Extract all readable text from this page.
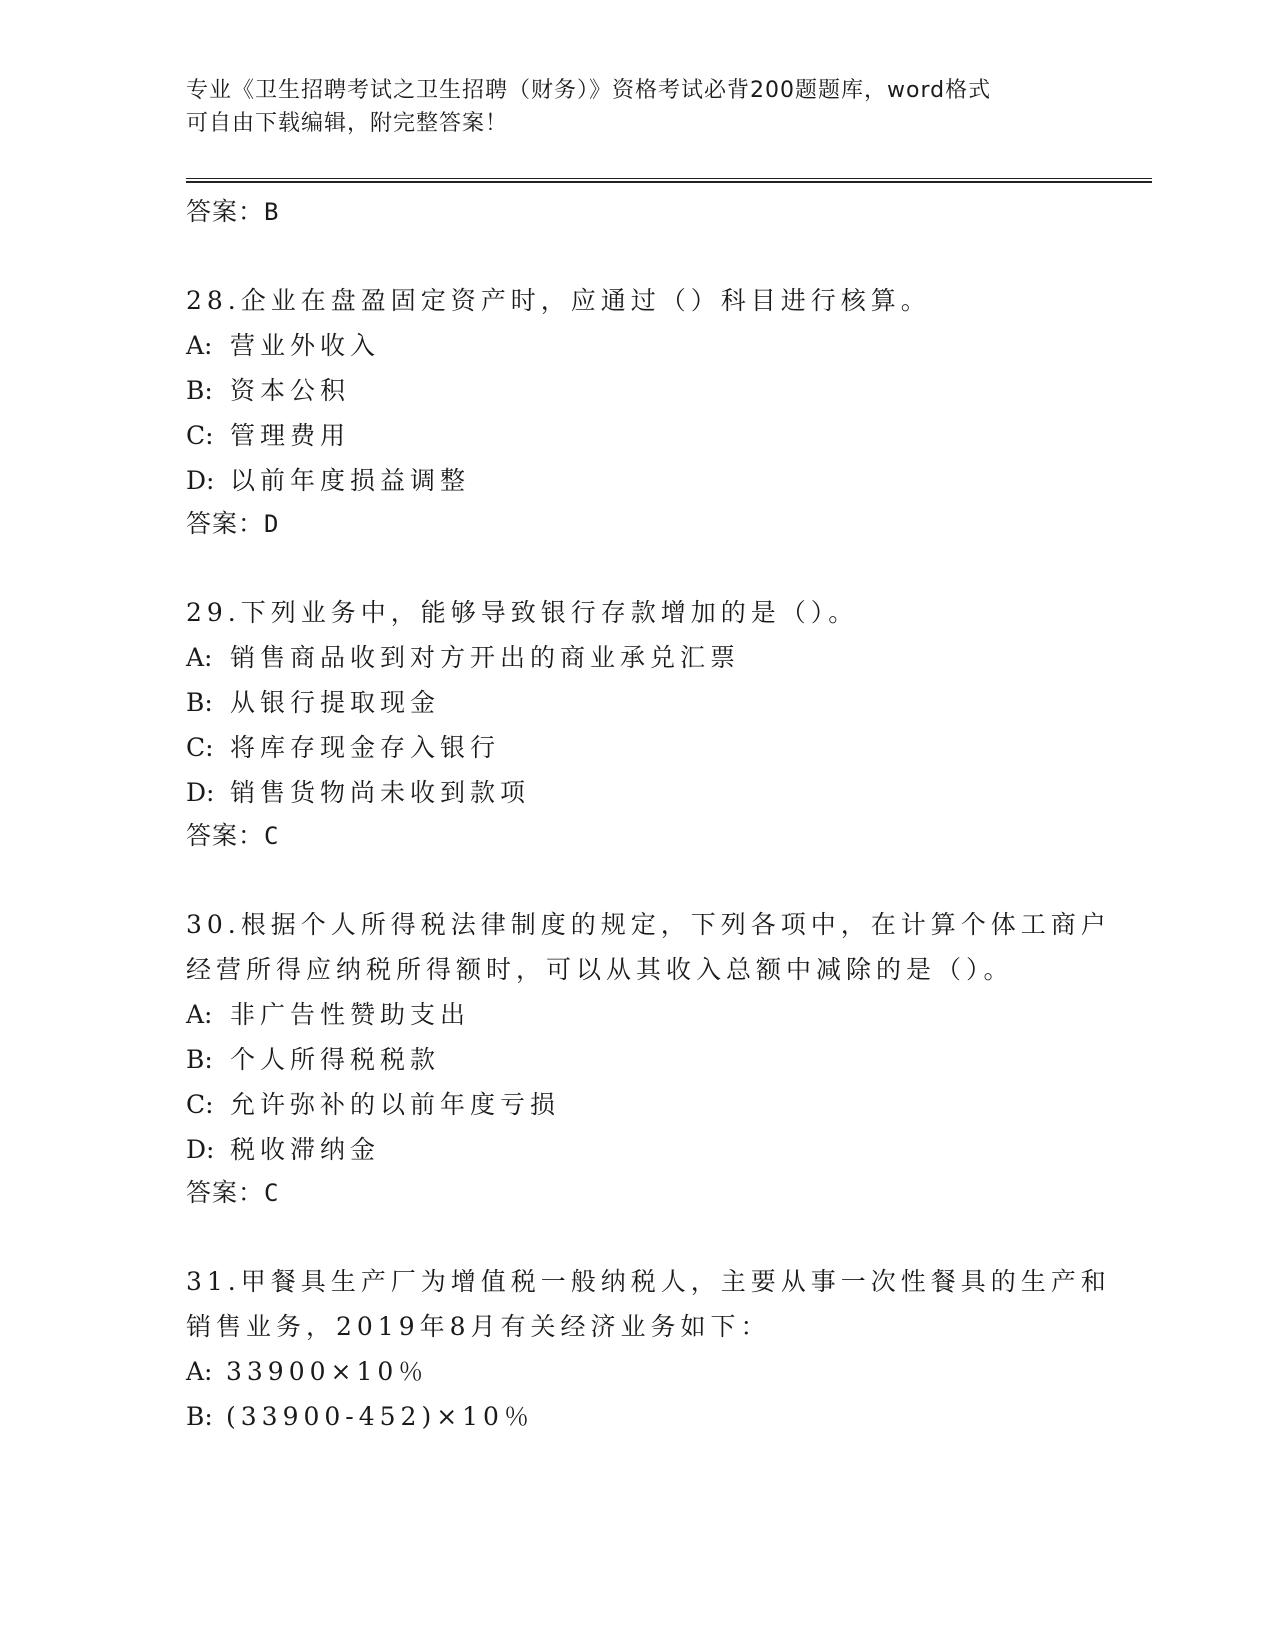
专业《卫生招聘考试之卫生招聘（财务）》资格考试必背200题题库，word格式
可自由下载编辑，附完整答案！
答案：B
28.企业在盘盈固定资产时，应通过（）科目进行核算。
A: 营业外收入
B: 资本公积
C: 管理费用
D: 以前年度损益调整
答案：D
29.下列业务中，能够导致银行存款增加的是（）。
A: 销售商品收到对方开出的商业承兑汇票
B: 从银行提取现金
C: 将库存现金存入银行
D: 销售货物尚未收到款项
答案：C
30.根据个人所得税法律制度的规定，下列各项中，在计算个体工商户
经营所得应纳税所得额时，可以从其收入总额中减除的是（）。
A: 非广告性赞助支出
B: 个人所得税税款
C: 允许弥补的以前年度亏损
D: 税收滞纳金
答案：C
31.甲餐具生产厂为增值税一般纳税人，主要从事一次性餐具的生产和
销售业务，2019年8月有关经济业务如下：
A: 33900×10％
B: (33900-452)×10％
